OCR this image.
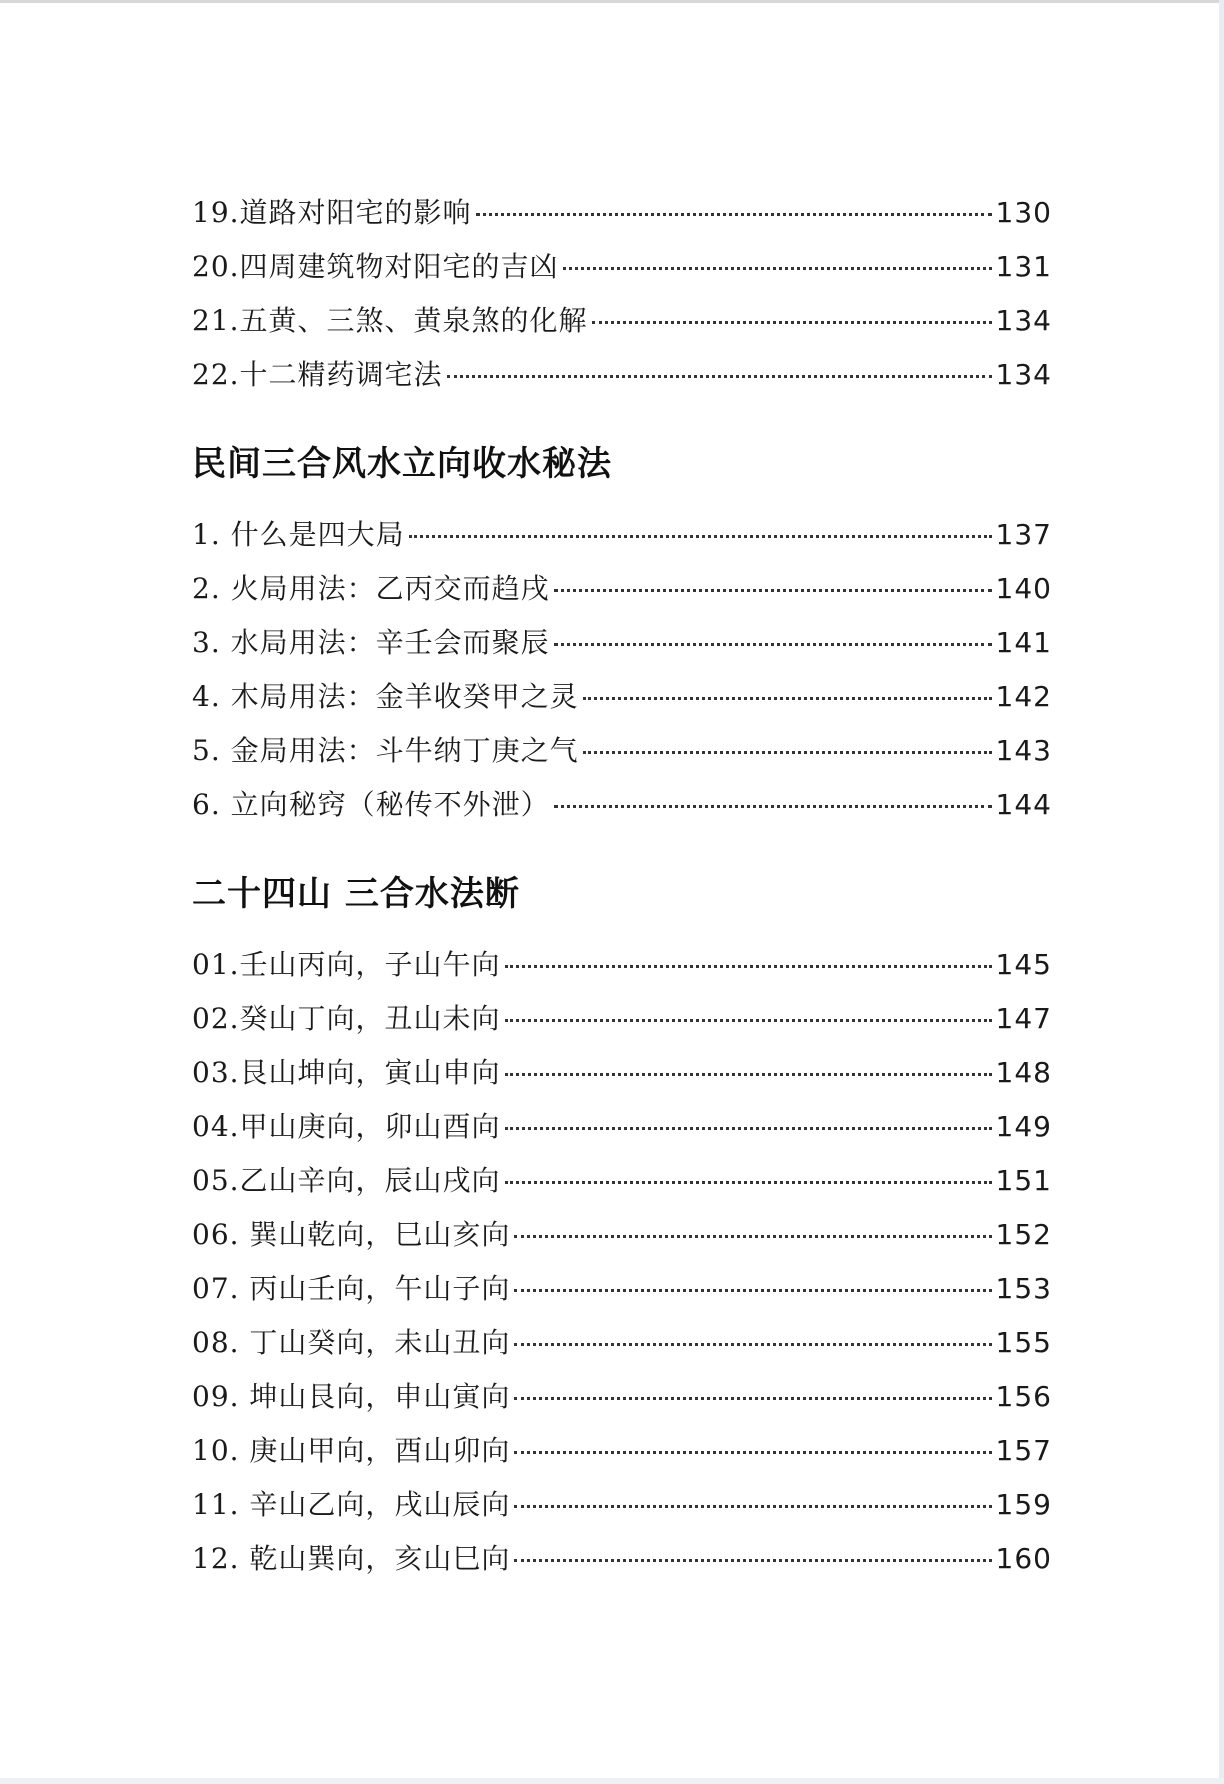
19.道路对阳宅的影响	130
20.四周建筑物对阳宅的吉凶	131
21.五黄、三煞、黄泉煞的化解	134
22.十二精药调宅法	134
民间三合风水立向收水秘法
1. 什么是四大局	137
2. 火局用法：乙丙交而趋戌	140
3. 水局用法：辛壬会而聚辰	141
4. 木局用法：金羊收癸甲之灵	142
5. 金局用法：斗牛纳丁庚之气	143
6. 立向秘窍（秘传不外泄）	144
二十四山 三合水法断
01.壬山丙向，子山午向	145
02.癸山丁向，丑山未向	147
03.艮山坤向，寅山申向	148
04.甲山庚向，卯山酉向	149
05.乙山辛向，辰山戌向	151
06. 巽山乾向，巳山亥向	152
07. 丙山壬向，午山子向	153
08. 丁山癸向，未山丑向	155
09. 坤山艮向，申山寅向	156
10. 庚山甲向，酉山卯向	157
11. 辛山乙向，戌山辰向	159
12. 乾山巽向，亥山巳向	160
